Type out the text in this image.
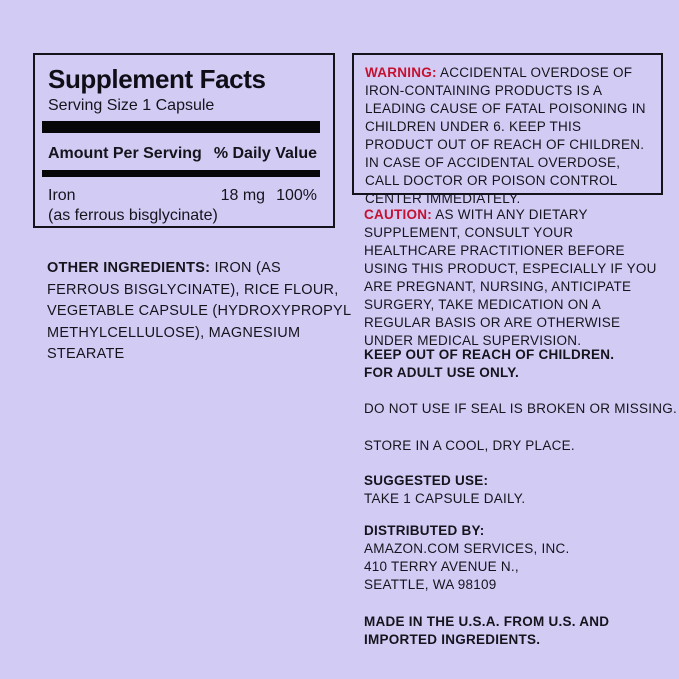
Supplement Facts
Serving Size 1 Capsule
Amount Per Serving % Daily Value
Iron	18 mg 100%
(as ferrous bisglycinate)
OTHER INGREDIENTS: IRON (AS FERROUS BISGLYCINATE), RICE FLOUR, VEGETABLE CAPSULE (HYDROXYPROPYL METHYLCELLULOSE), MAGNESIUM STEARATE
WARNING: ACCIDENTAL OVERDOSE OF IRON-CONTAINING PRODUCTS IS A LEADING CAUSE OF FATAL POISONING IN CHILDREN UNDER 6. KEEP THIS PRODUCT OUT OF REACH OF CHILDREN. IN CASE OF ACCIDENTAL OVERDOSE, CALL DOCTOR OR POISON CONTROL CENTER IMMEDIATELY.
CAUTION: AS WITH ANY DIETARY SUPPLEMENT, CONSULT YOUR HEALTHCARE PRACTITIONER BEFORE USING THIS PRODUCT, ESPECIALLY IF YOU ARE PREGNANT, NURSING, ANTICIPATE SURGERY, TAKE MEDICATION ON A REGULAR BASIS OR ARE OTHERWISE UNDER MEDICAL SUPERVISION.
KEEP OUT OF REACH OF CHILDREN.
FOR ADULT USE ONLY.
DO NOT USE IF SEAL IS BROKEN OR MISSING.
STORE IN A COOL, DRY PLACE.
SUGGESTED USE:
TAKE 1 CAPSULE DAILY.
DISTRIBUTED BY:
AMAZON.COM SERVICES, INC.
410 TERRY AVENUE N.,
SEATTLE, WA 98109
MADE IN THE U.S.A. FROM U.S. AND
IMPORTED INGREDIENTS.
